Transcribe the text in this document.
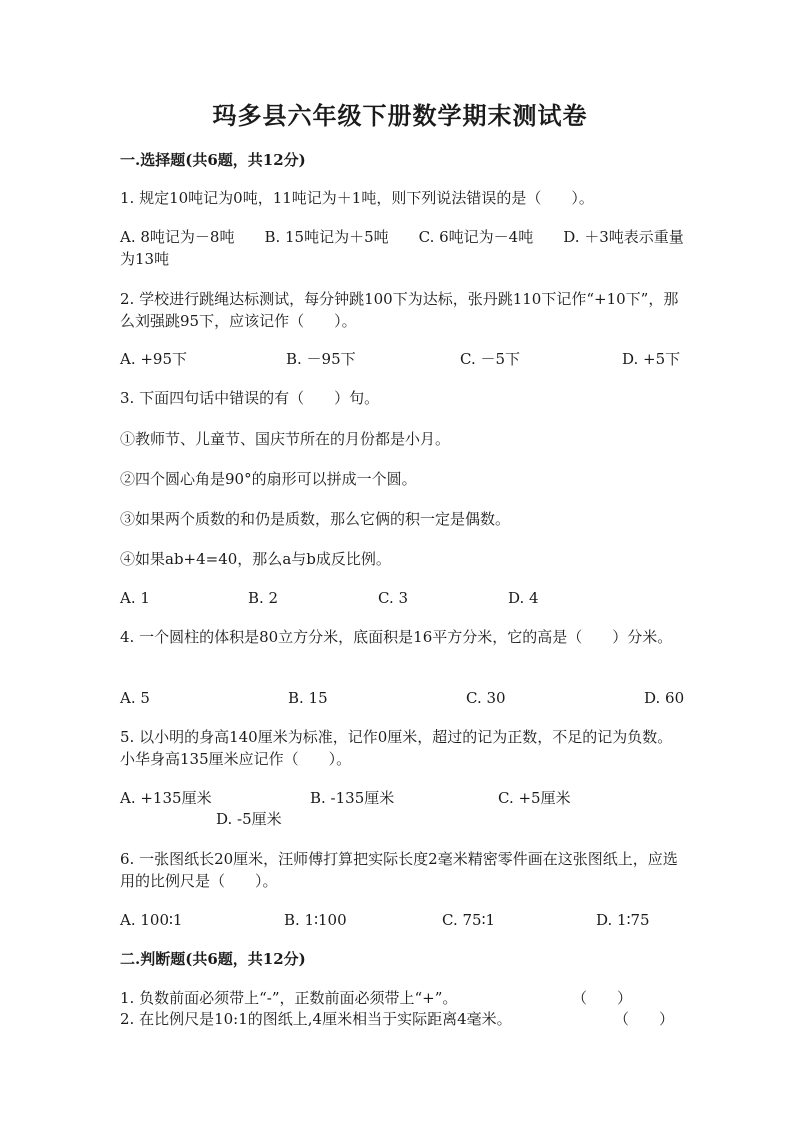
玛多县六年级下册数学期末测试卷
一.选择题(共6题，共12分)
1. 规定10吨记为0吨，11吨记为＋1吨，则下列说法错误的是（　　）。
A. 8吨记为－8吨　　B. 15吨记为＋5吨　　C. 6吨记为－4吨　　D. ＋3吨表示重量为13吨
2. 学校进行跳绳达标测试，每分钟跳100下为达标，张丹跳110下记作“+10下”，那么刘强跳95下，应该记作（　　）。
A. +95下	B. －95下	C. －5下	D. +5下
3. 下面四句话中错误的有（　　）句。
①教师节、儿童节、国庆节所在的月份都是小月。
②四个圆心角是90°的扇形可以拼成一个圆。
③如果两个质数的和仍是质数，那么它俩的积一定是偶数。
④如果ab+4=40，那么a与b成反比例。
A. 1	B. 2	C. 3	D. 4
4. 一个圆柱的体积是80立方分米，底面积是16平方分米，它的高是（　　）分米。
A. 5	B. 15	C. 30	D. 60
5. 以小明的身高140厘米为标准，记作0厘米，超过的记为正数，不足的记为负数。小华身高135厘米应记作（　　）。
A. +135厘米	B. -135厘米	C. +5厘米
D. -5厘米
6. 一张图纸长20厘米，汪师傅打算把实际长度2毫米精密零件画在这张图纸上，应选用的比例尺是（　　）。
A. 100∶1	B. 1∶100	C. 75∶1	D. 1∶75
二.判断题(共6题，共12分)
1. 负数前面必须带上“-”，正数前面必须带上“+”。	（　　）
2. 在比例尺是10:1的图纸上,4厘米相当于实际距离4毫米。	（　　）
